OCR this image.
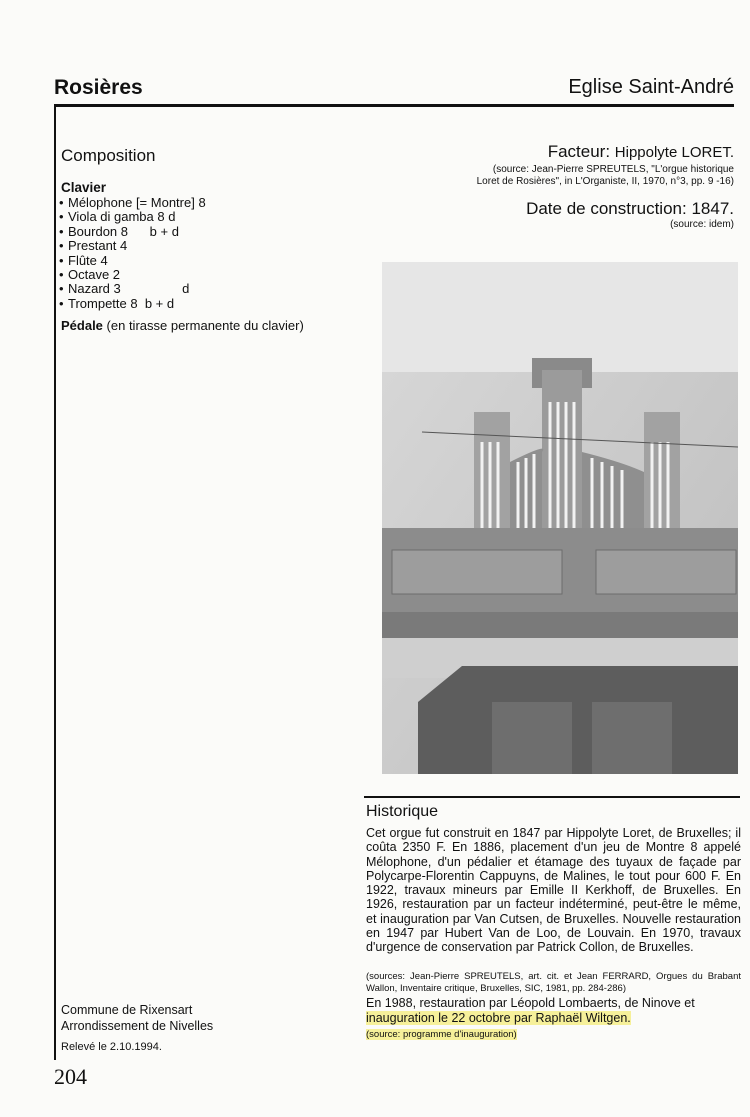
Rosières	Eglise Saint-André
Composition
Clavier
• Mélophone [= Montre] 8
• Viola di gamba 8 d
• Bourdon 8 b + d
• Prestant 4
• Flûte 4
• Octave 2
• Nazard 3	d
• Trompette 8 b + d
Pédale (en tirasse permanente du clavier)
Facteur: Hippolyte LORET.
(source: Jean-Pierre SPREUTELS, "L'orgue historique
Loret de Rosières", in L'Organiste, II, 1970, n°3, pp. 9 -16)
Date de construction: 1847.
(source: idem)
Historique
Cet orgue fut construit en 1847 par Hippolyte Loret, de Bruxelles; il coûta 2350 F. En 1886, placement d'un jeu de Montre 8 appelé Mélophone, d'un pédalier et étamage des tuyaux de façade par Polycarpe-Florentin Cappuyns, de Malines, le tout pour 600 F. En 1922, travaux mineurs par Emille II Kerkhoff, de Bruxelles. En 1926, restauration par un facteur indéterminé, peut-être le même, et inauguration par Van Cutsen, de Bruxelles. Nouvelle restauration en 1947 par Hubert Van de Loo, de Louvain. En 1970, travaux d'urgence de conservation par Patrick Collon, de Bruxelles.
(sources: Jean-Pierre SPREUTELS, art. cit. et Jean FERRARD, Orgues du Brabant Wallon, Inventaire critique, Bruxelles, SIC, 1981, pp. 284-286)
En 1988, restauration par Léopold Lombaerts, de Ninove et
inauguration le 22 octobre par Raphaël Wiltgen.
(source: programme d'inauguration)
Commune de Rixensart
Arrondissement de Nivelles
Relevé le 2.10.1994.
204
